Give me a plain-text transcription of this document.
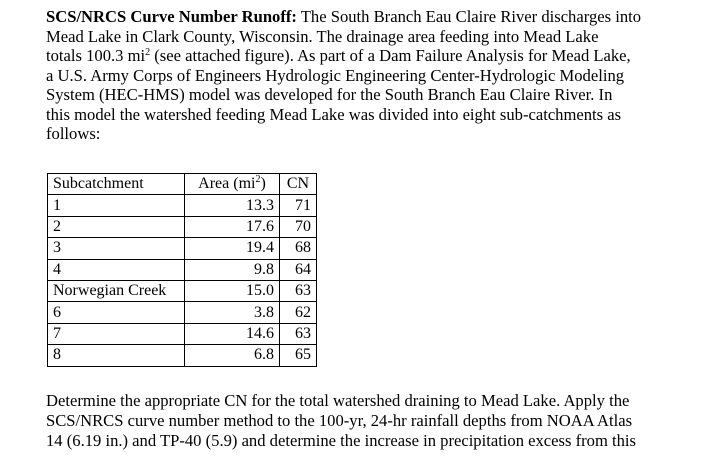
SCS/NRCS Curve Number Runoff: The South Branch Eau Claire River discharges into
Mead Lake in Clark County, Wisconsin. The drainage area feeding into Mead Lake
totals 100.3 $mi^2$ (see attached figure). As part of a Dam Failure Analysis for Mead Lake,
a U.S. Army Corps of Engineers Hydrologic Engineering Center-Hydrologic Modeling
System (HEC-HMS) model was developed for the South Branch Eau Claire River. In
this model the watershed feeding Mead Lake was divided into eight sub-catchments as
follows:
Subcatchment	Area $(mi^2)$	CN
1	13.3	71
2	17.6	70
3	19.4	68
4	9.8	64
Norwegian Creek	15.0	63
6	3.8	62
7	14.6	63
8	6.8	65
Determine the appropriate CN for the total watershed draining to Mead Lake. Apply the
SCS/NRCS curve number method to the 100-yr, 24-hr rainfall depths from NOAA Atlas
14 (6.19 in.) and TP-40 (5.9) and determine the increase in precipitation excess from this
